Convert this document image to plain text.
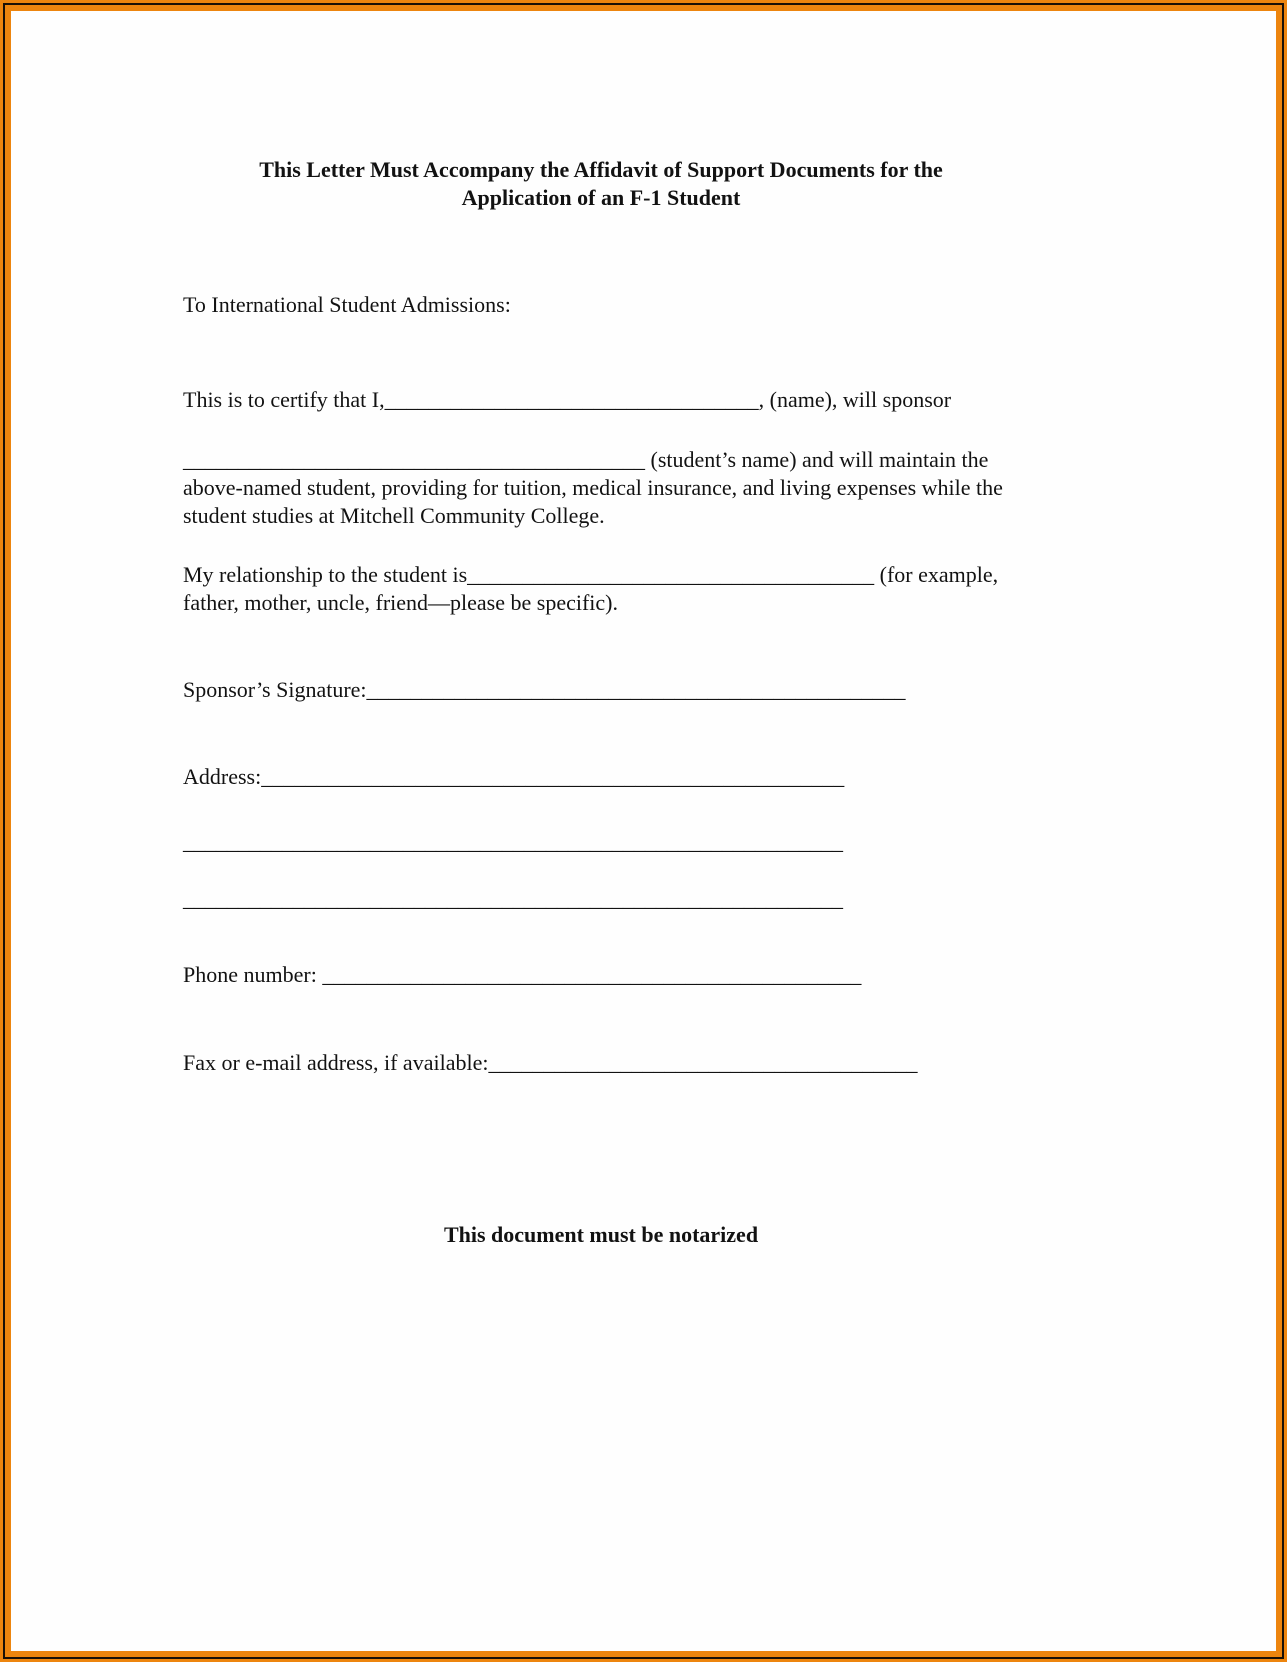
This Letter Must Accompany the Affidavit of Support Documents for the
Application of an F-1 Student

To International Student Admissions:

This is to certify that I,__________________________________, (name), will sponsor

__________________________________________ (student’s name) and will maintain the above-named student, providing for tuition, medical insurance, and living expenses while the student studies at Mitchell Community College.

My relationship to the student is_____________________________________ (for example, father, mother, uncle, friend—please be specific).

Sponsor’s Signature:_________________________________________________

Address:_____________________________________________________

____________________________________________________________

____________________________________________________________

Phone number: _________________________________________________

Fax or e-mail address, if available:_______________________________________

This document must be notarized
